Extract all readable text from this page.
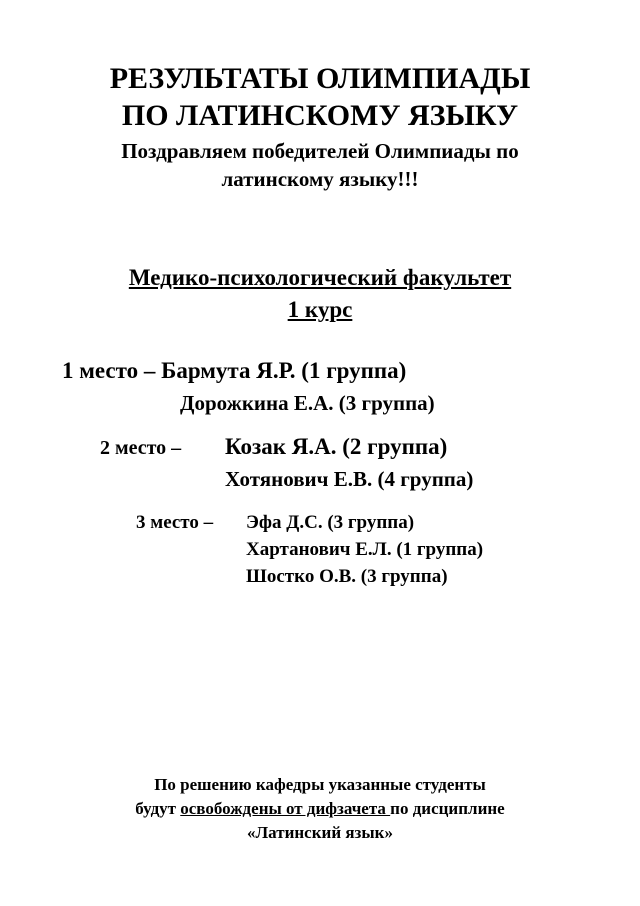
РЕЗУЛЬТАТЫ ОЛИМПИАДЫ
ПО ЛАТИНСКОМУ ЯЗЫКУ
Поздравляем победителей Олимпиады по
латинскому языку!!!
Медико-психологический факультет
1 курс
1 место – Бармута Я.Р. (1 группа)
Дорожкина Е.А. (3 группа)
2 место – Козак Я.А. (2 группа)
Хотянович Е.В. (4 группа)
3 место – Эфа Д.С. (3 группа)
Хартанович Е.Л. (1 группа)
Шостко О.В. (3 группа)
По решению кафедры указанные студенты
будут освобождены от дифзачета по дисциплине
«Латинский язык»
